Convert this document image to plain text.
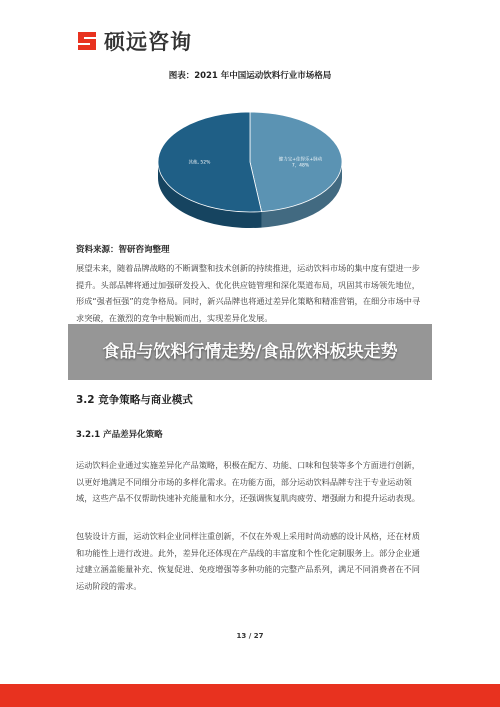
硕远咨询
图表：2021 年中国运动饮料行业市场格局
健力宝+佳得乐+脉动 7，48%
其他, 52%
资料来源：智研咨询整理

展望未来，随着品牌战略的不断调整和技术创新的持续推进，运动饮料市场的集中度有望进一步提升。头部品牌将通过加强研发投入、优化供应链管理和深化渠道布局，巩固其市场领先地位，形成“强者恒强”的竞争格局。同时，新兴品牌也将通过差异化策略和精准营销，在细分市场中寻求突破，在激烈的竞争中脱颖而出，实现差异化发展。

食品与饮料行情走势/食品饮料板块走势

3.2 竞争策略与商业模式
3.2.1 产品差异化策略

运动饮料企业通过实施差异化产品策略，积极在配方、功能、口味和包装等多个方面进行创新，以更好地满足不同细分市场的多样化需求。在功能方面，部分运动饮料品牌专注于专业运动领域，这些产品不仅帮助快速补充能量和水分，还强调恢复肌肉疲劳、增强耐力和提升运动表现。

包装设计方面，运动饮料企业同样注重创新，不仅在外观上采用时尚动感的设计风格，还在材质和功能性上进行改进。此外，差异化还体现在产品线的丰富度和个性化定制服务上。部分企业通过建立涵盖能量补充、恢复促进、免疫增强等多种功能的完整产品系列，满足不同消费者在不同运动阶段的需求。

13 / 27
